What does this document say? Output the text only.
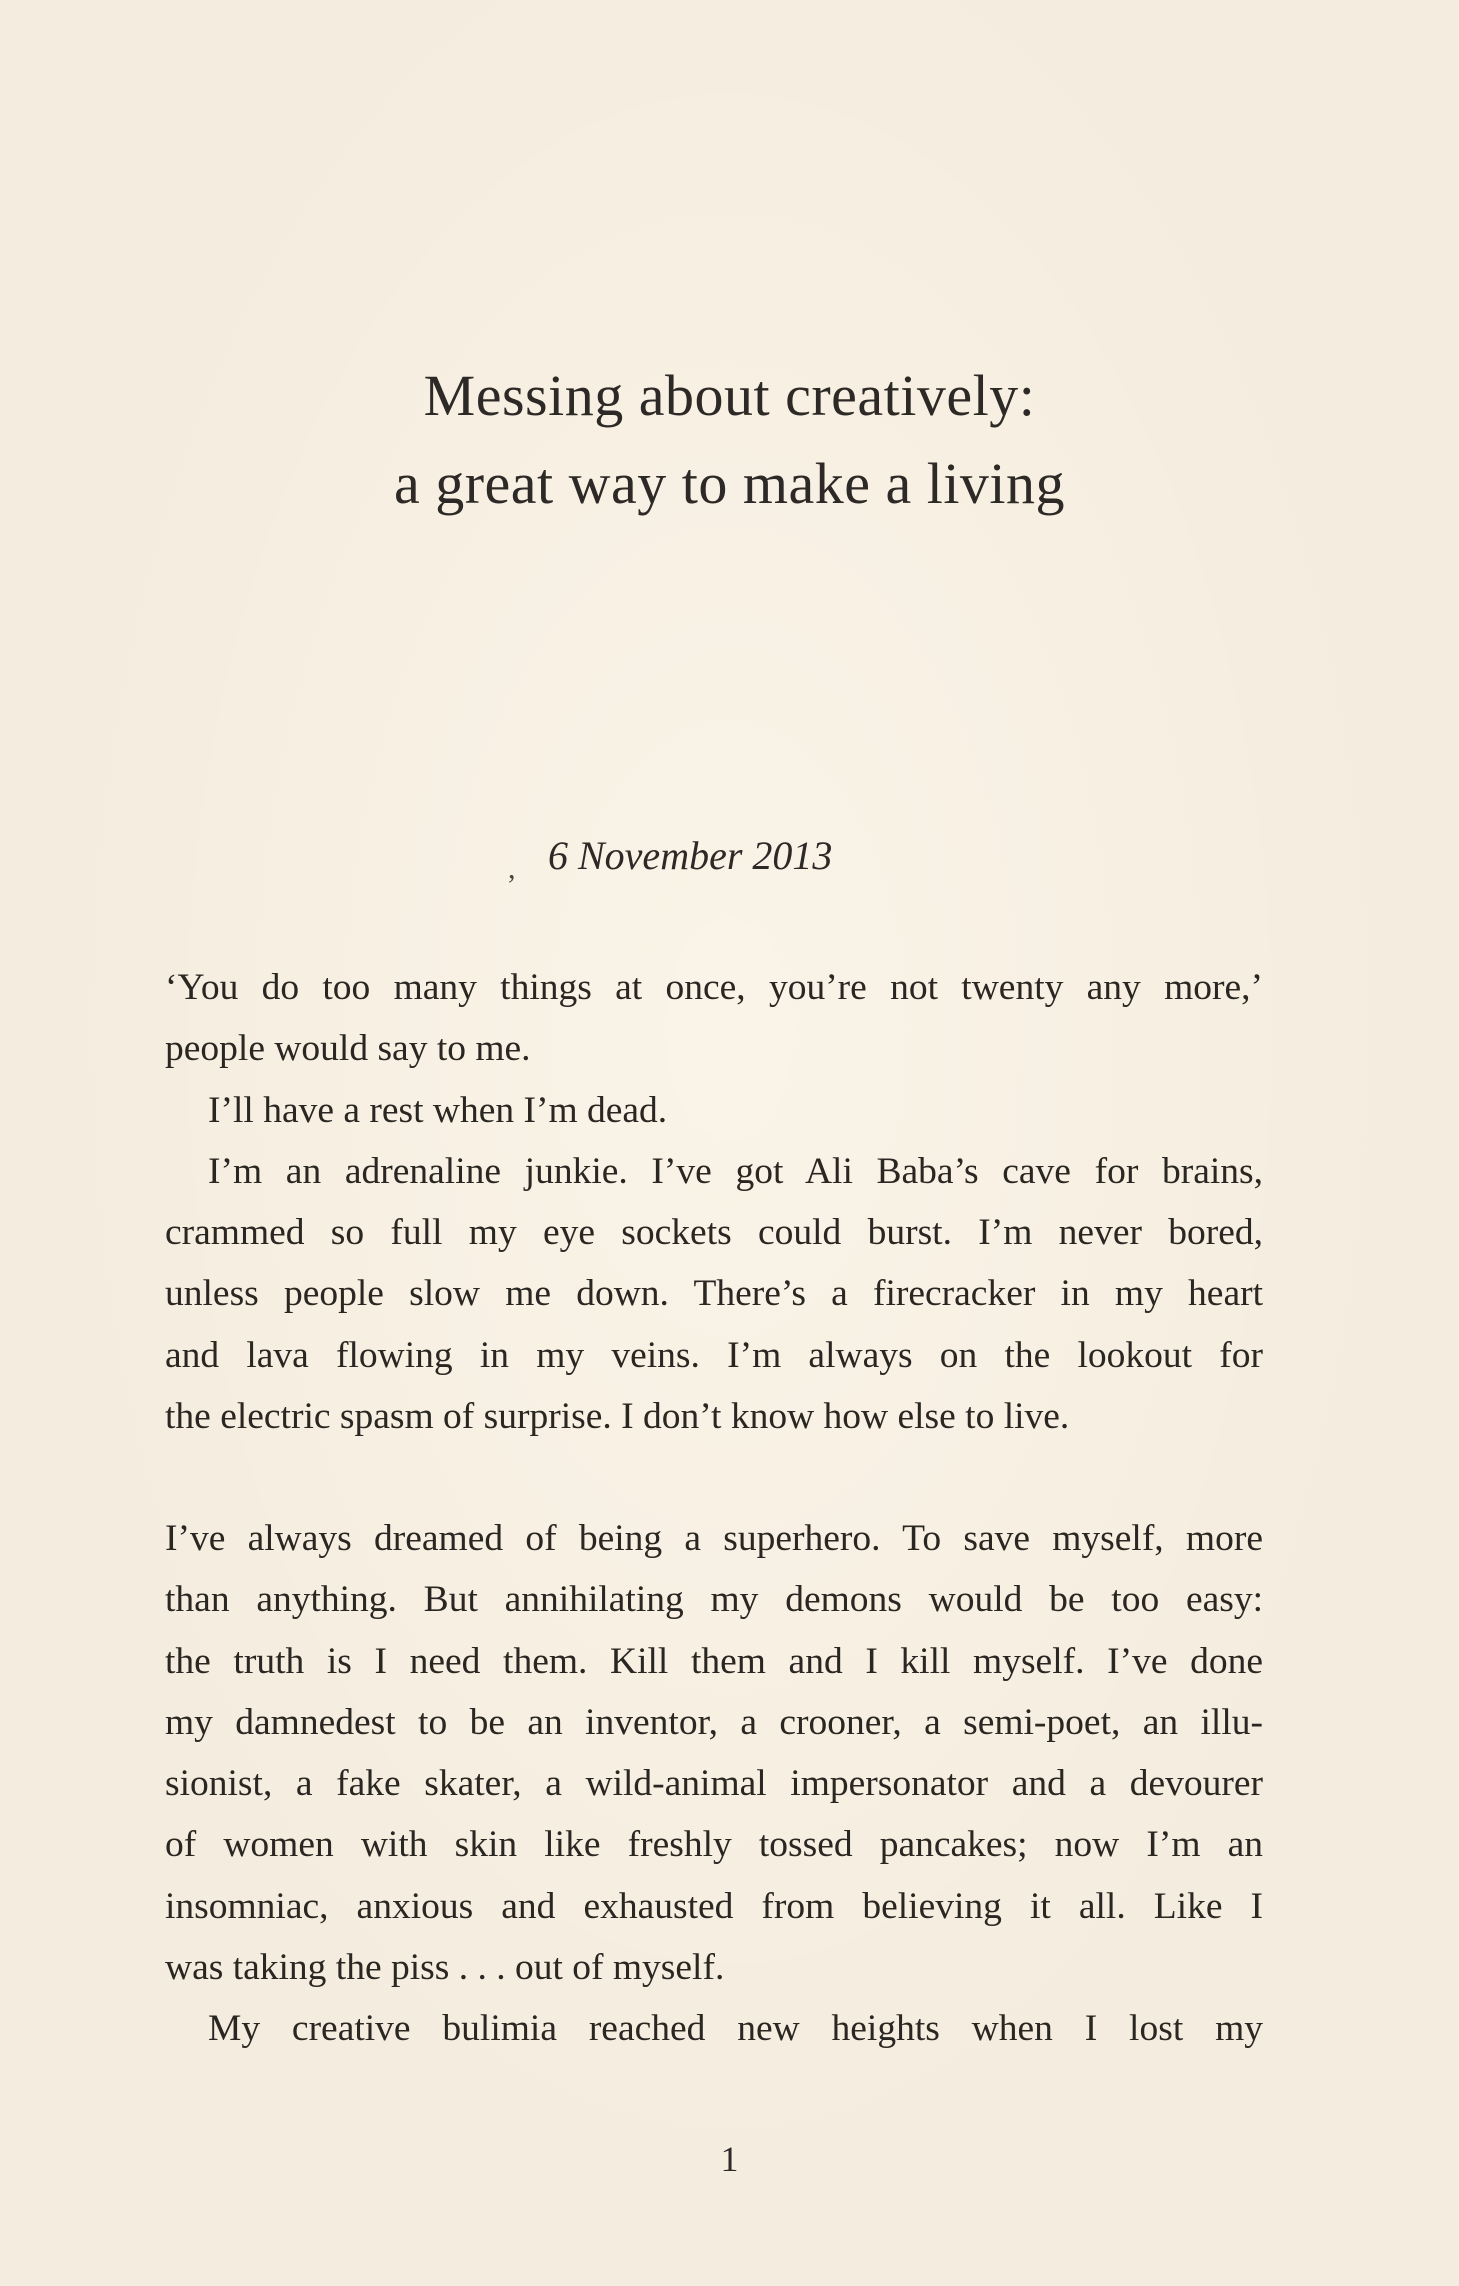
Messing about creatively:
a great way to make a living
, 6 November 2013
‘You do too many things at once, you’re not twenty any more,’
people would say to me.
I’ll have a rest when I’m dead.
I’m an adrenaline junkie. I’ve got Ali Baba’s cave for brains,
crammed so full my eye sockets could burst. I’m never bored,
unless people slow me down. There’s a firecracker in my heart
and lava flowing in my veins. I’m always on the lookout for
the electric spasm of surprise. I don’t know how else to live.
I’ve always dreamed of being a superhero. To save myself, more
than anything. But annihilating my demons would be too easy:
the truth is I need them. Kill them and I kill myself. I’ve done
my damnedest to be an inventor, a crooner, a semi-poet, an illu-
sionist, a fake skater, a wild-animal impersonator and a devourer
of women with skin like freshly tossed pancakes; now I’m an
insomniac, anxious and exhausted from believing it all. Like I
was taking the piss . . . out of myself.
My creative bulimia reached new heights when I lost my
1
